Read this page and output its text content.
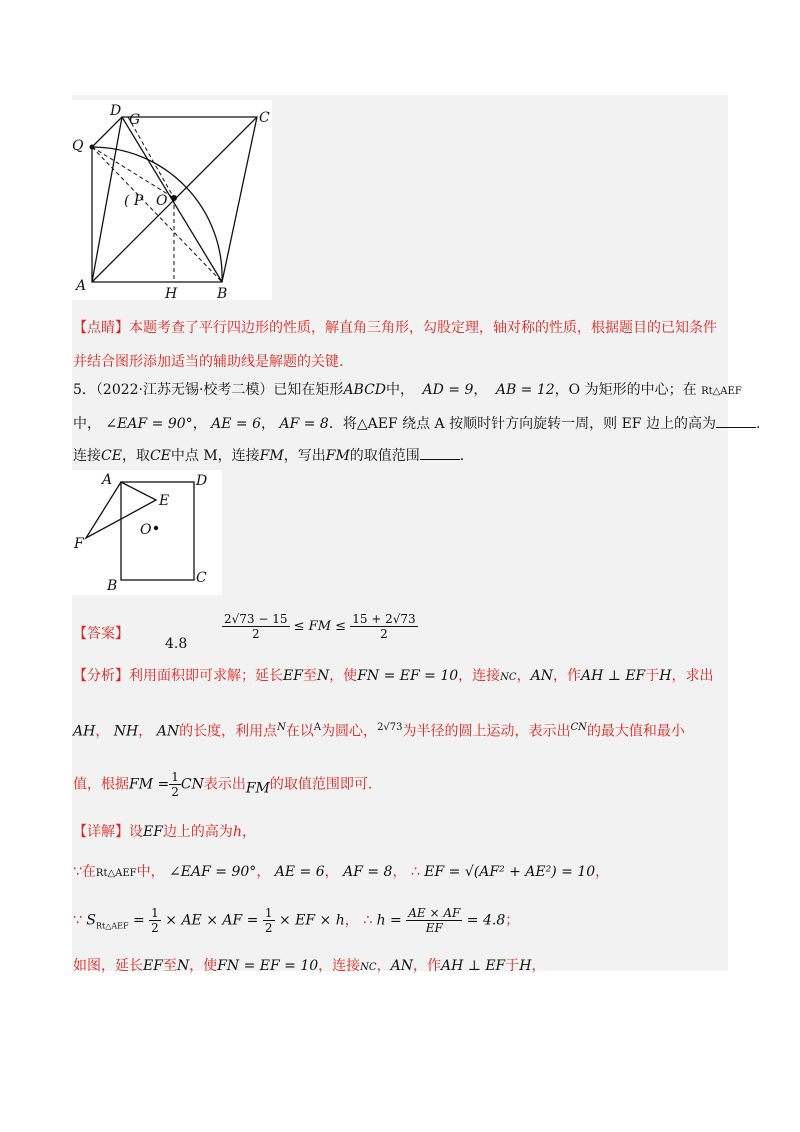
D
G	C
Q
( P O
A	H	B
【点睛】本题考查了平行四边形的性质，解直角三角形，勾股定理，轴对称的性质，根据题目的已知条件
并结合图形添加适当的辅助线是解题的关键.
5．（2022·江苏无锡·校考二模）已知在矩形ABCD中， AD = 9， AB = 12，O 为矩形的中心；在 Rt△AEF
中， ∠EAF = 90°， AE = 6， AF = 8．将△AEF 绕点 A 按顺时针方向旋转一周，则 EF 边上的高为	.
连接CE，取CE中点 M，连接FM，写出FM的取值范围	.
A
E
D
O
F
B	C
【答案】
4.8
$\frac{2√73 - 15}{2}$ ≤ FM ≤ $\frac{15 + 2√73}{2}$
【分析】利用面积即可求解；延长EF至N，使FN = EF = 10，连接NC，AN，作AH ⊥ EF于H，求出
AH， NH， AN的长度，利用点$^N$在以$^A$为圆心，$^{2√73}$为半径的圆上运动，表示出$^{CN}$的最大值和最小
值，根据FM = $\frac{1}{2}$ CN表示出FM的取值范围即可.
【详解】设EF边上的高为h，
∵在Rt△AEF中， ∠EAF = 90°， AE = 6， AF = 8， ∴ EF = √(AF² + AE²) = 10，
∵ $S_{Rt\triangle AEF} = \frac{1}{2}$ × AE × AF = $\frac{1}{2}$ × EF × h， ∴ $h = \frac{AE \times AF}{EF} = 4.8$；
如图，延长EF至N，使FN = EF = 10，连接NC，AN，作AH ⊥ EF于H，
